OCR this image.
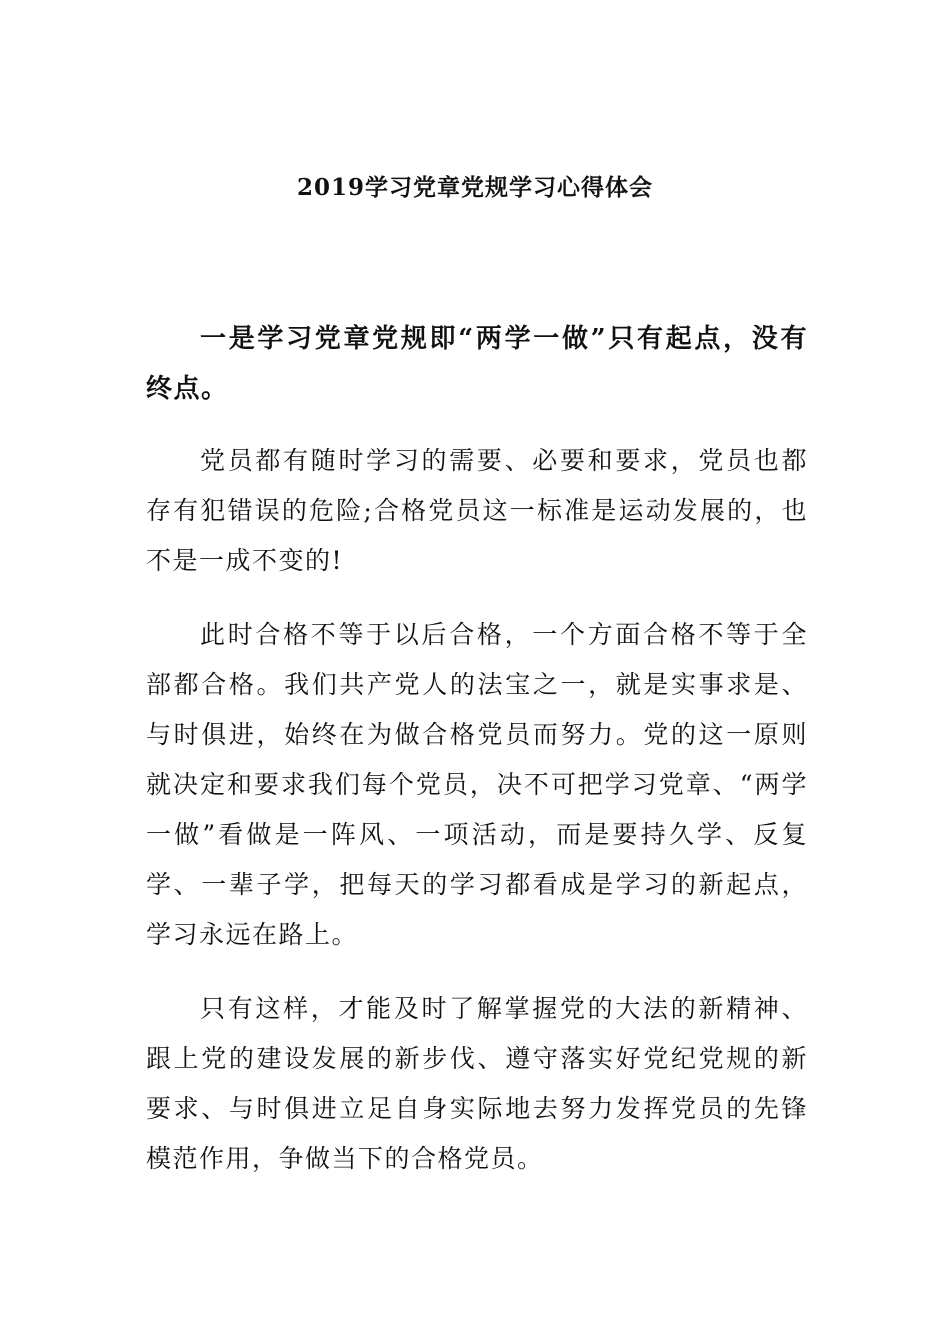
2019学习党章党规学习心得体会

一是学习党章党规即“两学一做”只有起点，没有终点。

党员都有随时学习的需要、必要和要求，党员也都存有犯错误的危险;合格党员这一标准是运动发展的，也不是一成不变的!

此时合格不等于以后合格，一个方面合格不等于全部都合格。我们共产党人的法宝之一，就是实事求是、与时俱进，始终在为做合格党员而努力。党的这一原则就决定和要求我们每个党员，决不可把学习党章、“两学一做”看做是一阵风、一项活动，而是要持久学、反复学、一辈子学，把每天的学习都看成是学习的新起点，学习永远在路上。

只有这样，才能及时了解掌握党的大法的新精神、跟上党的建设发展的新步伐、遵守落实好党纪党规的新要求、与时俱进立足自身实际地去努力发挥党员的先锋模范作用，争做当下的合格党员。
